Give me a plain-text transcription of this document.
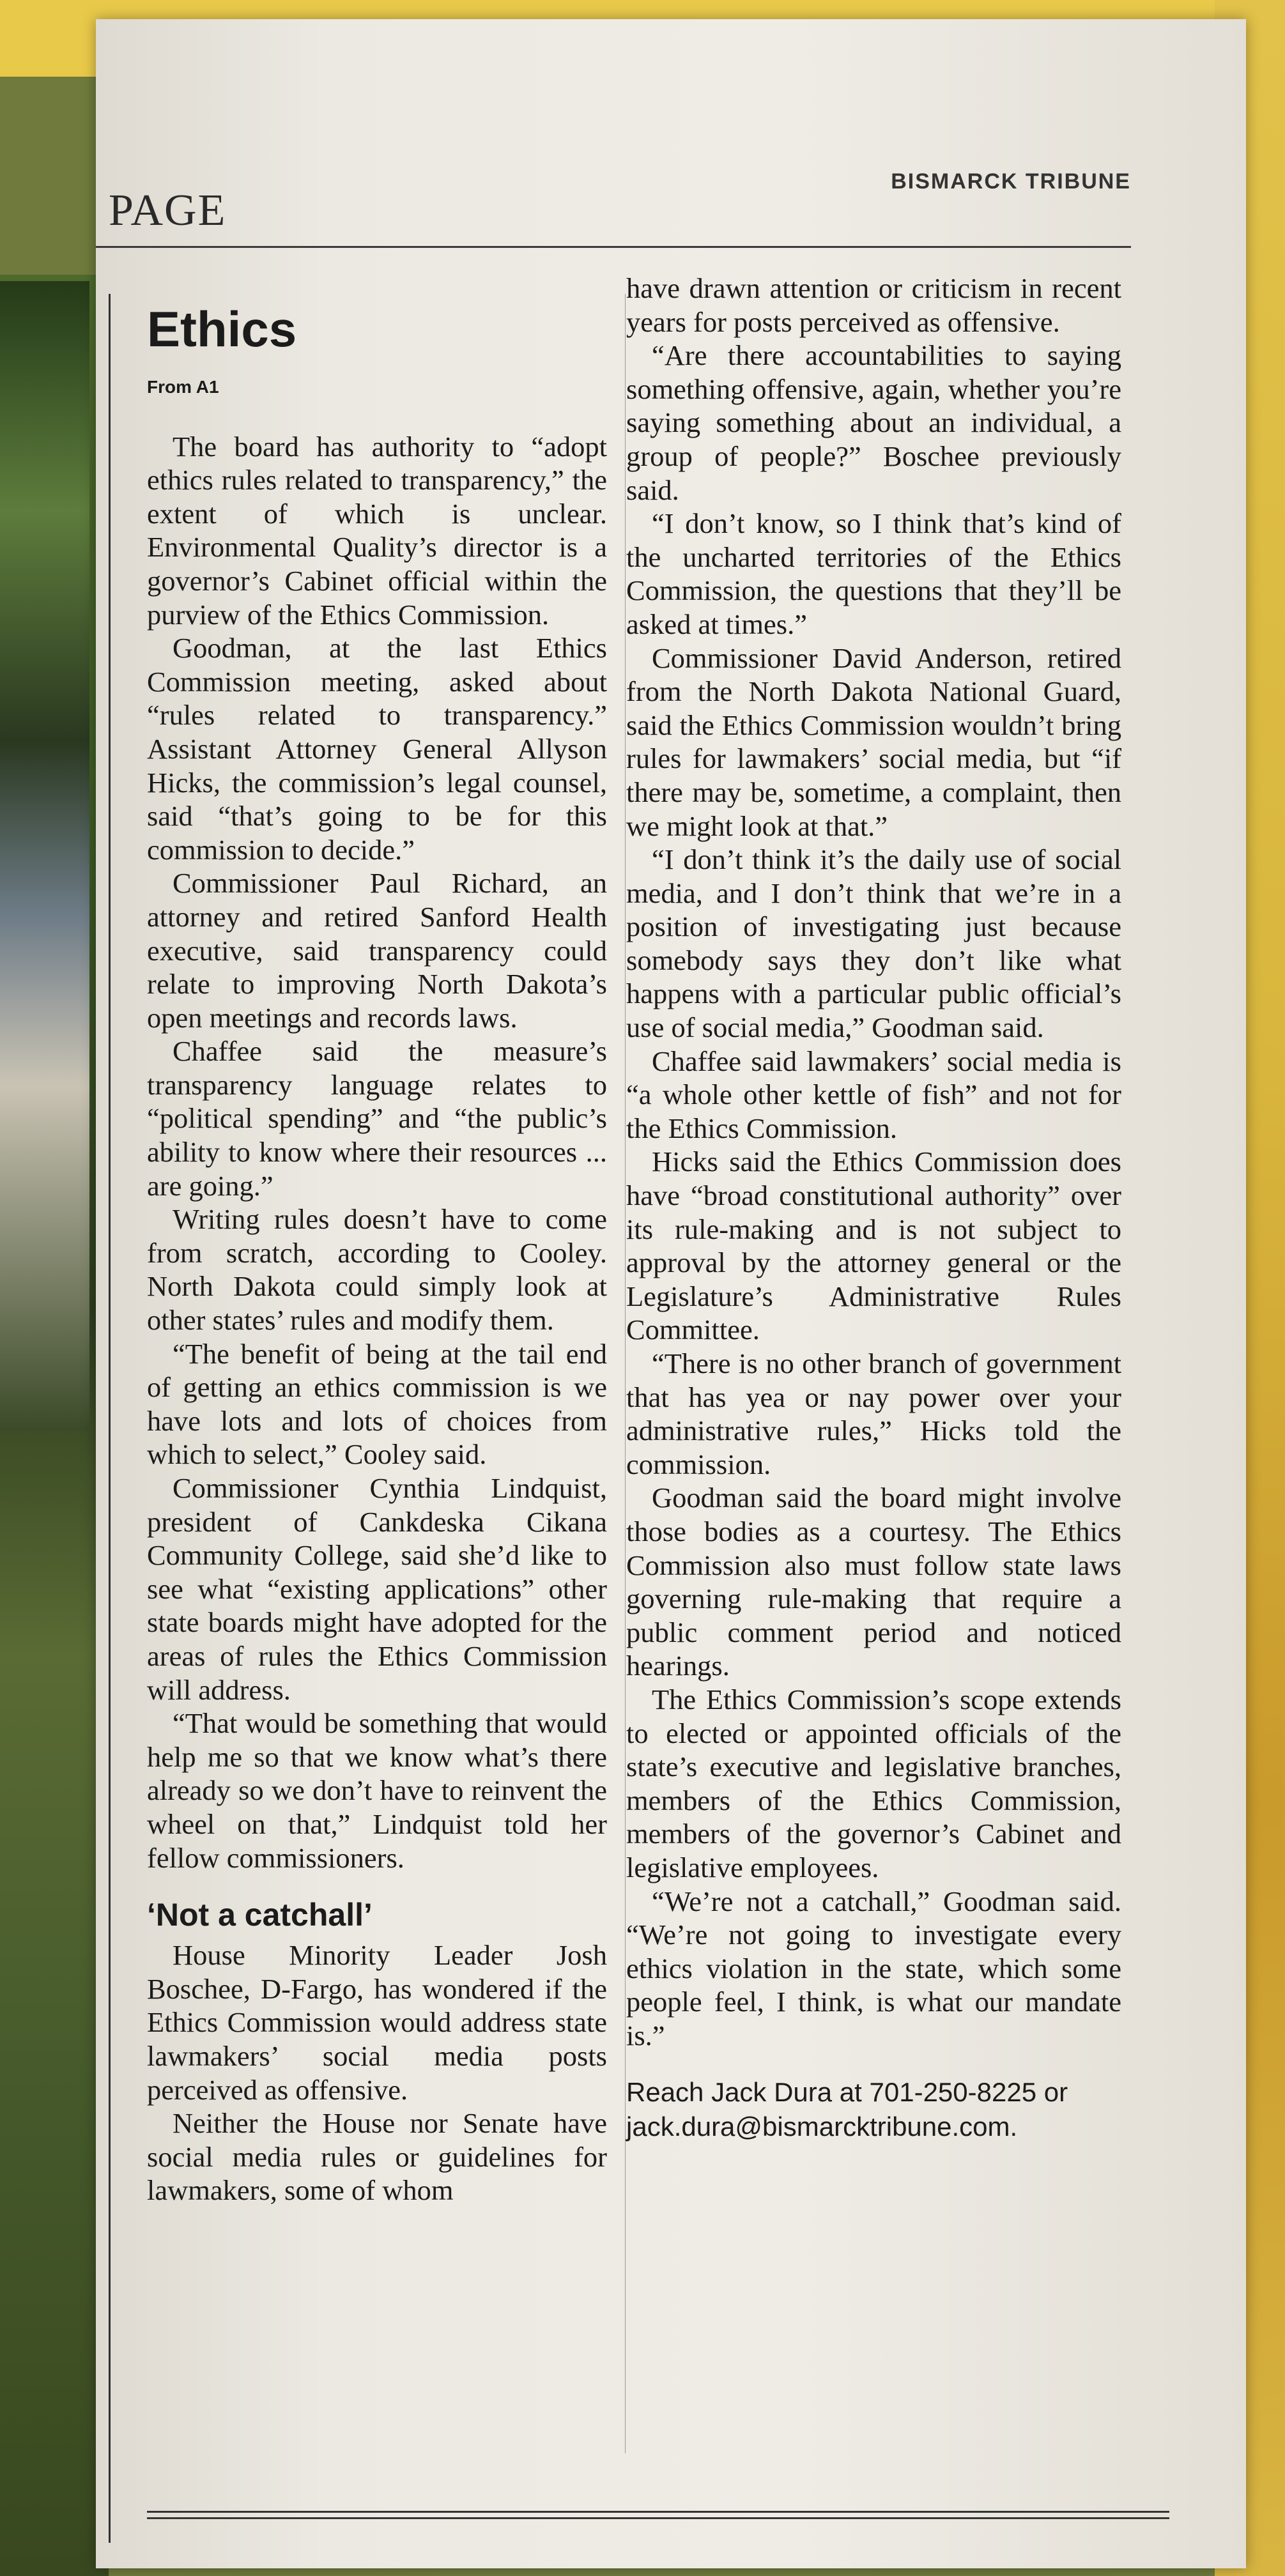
PAGE
BISMARCK TRIBUNE
Ethics
From A1

The board has authority to “adopt ethics rules related to transparency,” the extent of which is unclear. Environmental Quality’s director is a governor’s Cabinet official within the purview of the Ethics Commission.

Goodman, at the last Ethics Commission meeting, asked about “rules related to transparency.” Assistant Attorney General Allyson Hicks, the commission’s legal counsel, said “that’s going to be for this commission to decide.”

Commissioner Paul Richard, an attorney and retired Sanford Health executive, said transparency could relate to improving North Dakota’s open meetings and records laws.

Chaffee said the measure’s transparency language relates to “political spending” and “the public’s ability to know where their resources ... are going.”

Writing rules doesn’t have to come from scratch, according to Cooley. North Dakota could simply look at other states’ rules and modify them.

“The benefit of being at the tail end of getting an ethics commission is we have lots and lots of choices from which to select,” Cooley said.

Commissioner Cynthia Lindquist, president of Cankdeska Cikana Community College, said she’d like to see what “existing applications” other state boards might have adopted for the areas of rules the Ethics Commission will address.

“That would be something that would help me so that we know what’s there already so we don’t have to reinvent the wheel on that,” Lindquist told her fellow commissioners.

‘Not a catchall’

House Minority Leader Josh Boschee, D-Fargo, has wondered if the Ethics Commission would address state lawmakers’ social media posts perceived as offensive.

Neither the House nor Senate have social media rules or guidelines for lawmakers, some of whom

have drawn attention or criticism in recent years for posts perceived as offensive.

“Are there accountabilities to saying something offensive, again, whether you’re saying something about an individual, a group of people?” Boschee previously said.

“I don’t know, so I think that’s kind of the uncharted territories of the Ethics Commission, the questions that they’ll be asked at times.”

Commissioner David Anderson, retired from the North Dakota National Guard, said the Ethics Commission wouldn’t bring rules for lawmakers’ social media, but “if there may be, sometime, a complaint, then we might look at that.”

“I don’t think it’s the daily use of social media, and I don’t think that we’re in a position of investigating just because somebody says they don’t like what happens with a particular public official’s use of social media,” Goodman said.

Chaffee said lawmakers’ social media is “a whole other kettle of fish” and not for the Ethics Commission.

Hicks said the Ethics Commission does have “broad constitutional authority” over its rule-making and is not subject to approval by the attorney general or the Legislature’s Administrative Rules Committee.

“There is no other branch of government that has yea or nay power over your administrative rules,” Hicks told the commission.

Goodman said the board might involve those bodies as a courtesy. The Ethics Commission also must follow state laws governing rule-making that require a public comment period and noticed hearings.

The Ethics Commission’s scope extends to elected or appointed officials of the state’s executive and legislative branches, members of the Ethics Commission, members of the governor’s Cabinet and legislative employees.

“We’re not a catchall,” Goodman said. “We’re not going to investigate every ethics violation in the state, which some people feel, I think, is what our mandate is.”

Reach Jack Dura at 701-250-8225 or
jack.dura@bismarcktribune.com.
